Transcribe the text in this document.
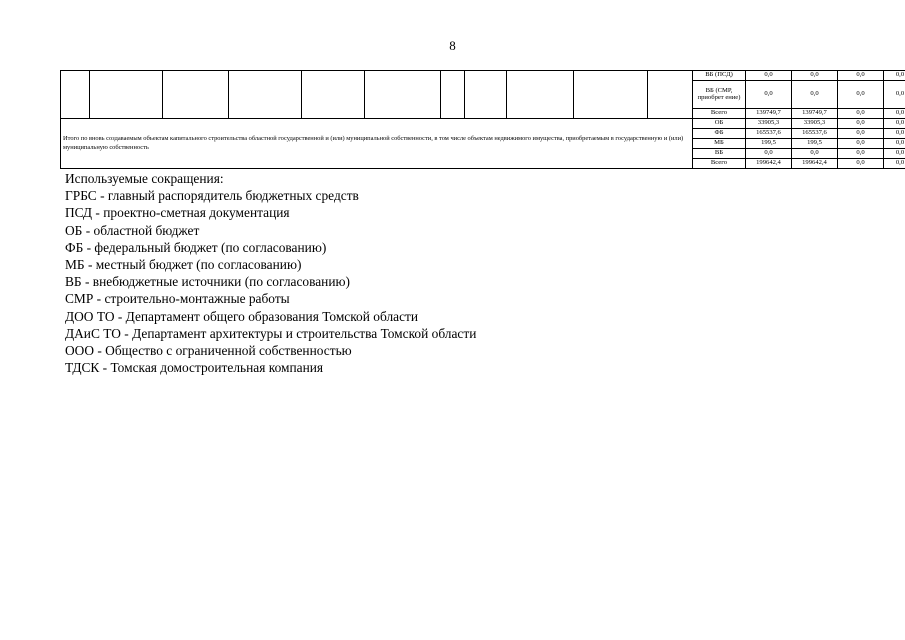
8
											ВБ (ПСД)	0,0	0,0	0,0	0,0
											ВБ (СМР, приобрет ение)	0,0	0,0	0,0	0,0
											Всего	139749,7	139749,7	0,0	0,0
Итого по вновь создаваемым объектам капитального строительства областной государственной и (или) муниципальной собственности, в том числе объектам недвижимого имущества, приобретаемым в государственную и (или) муниципальную собственность											ОБ	33905,3	33905,3	0,0	0,0
											ФБ	165537,6	165537,6	0,0	0,0
											МБ	199,5	199,5	0,0	0,0
											ВБ	0,0	0,0	0,0	0,0
											Всего	199642,4	199642,4	0,0	0,0
Используемые сокращения:
ГРБС - главный распорядитель бюджетных средств
ПСД - проектно-сметная документация
ОБ - областной бюджет
ФБ - федеральный бюджет (по согласованию)
МБ - местный бюджет (по согласованию)
ВБ - внебюджетные источники (по согласованию)
СМР - строительно-монтажные работы
ДОО ТО - Департамент общего образования Томской области
ДАиС ТО - Департамент архитектуры и строительства Томской области
ООО - Общество с ограниченной собственностью
ТДСК - Томская домостроительная компания
